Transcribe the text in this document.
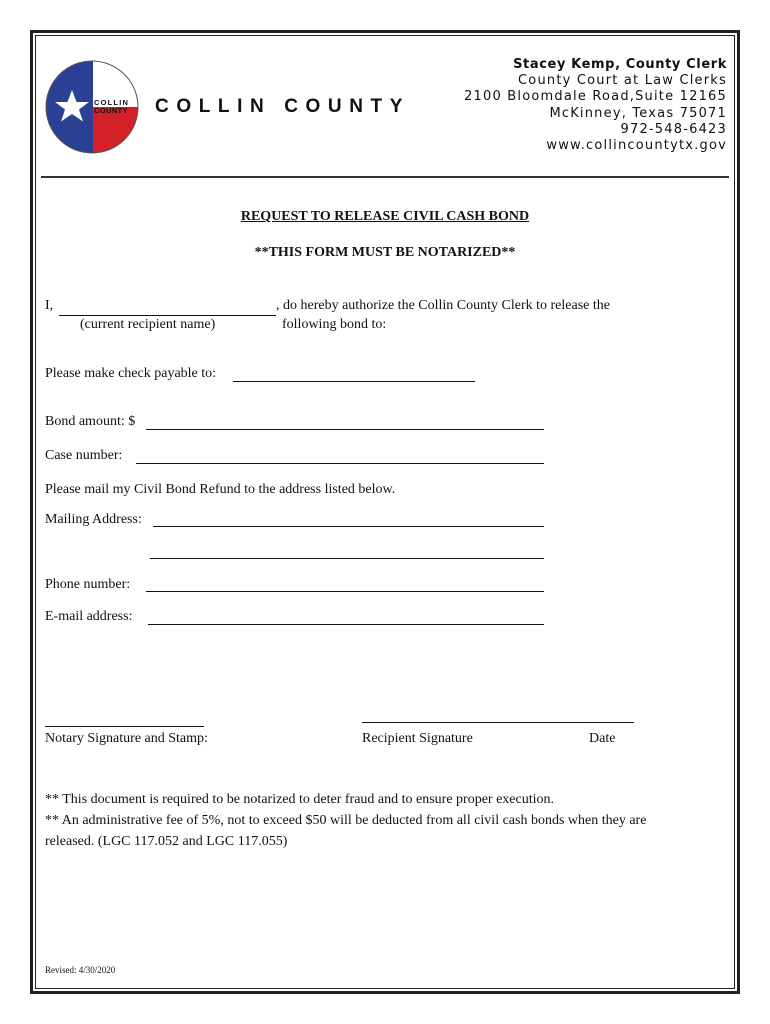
COLLIN
COUNTY COLLIN COUNTY
Stacey Kemp, County Clerk
County Court at Law Clerks
2100 Bloomdale Road,Suite 12165
McKinney, Texas 75071
972-548-6423
www.collincountytx.gov
REQUEST TO RELEASE CIVIL CASH BOND
**THIS FORM MUST BE NOTARIZED**
I,	, do hereby authorize the Collin County Clerk to release the
(current recipient name)	following bond to:
Please make check payable to:
Bond amount: $
Case number:
Please mail my Civil Bond Refund to the address listed below.
Mailing Address:
Phone number:
E-mail address:
Notary Signature and Stamp:	Recipient Signature	Date
** This document is required to be notarized to deter fraud and to ensure proper execution.
** An administrative fee of 5%, not to exceed $50 will be deducted from all civil cash bonds when they are
released. (LGC 117.052 and LGC 117.055)
Revised: 4/30/2020
